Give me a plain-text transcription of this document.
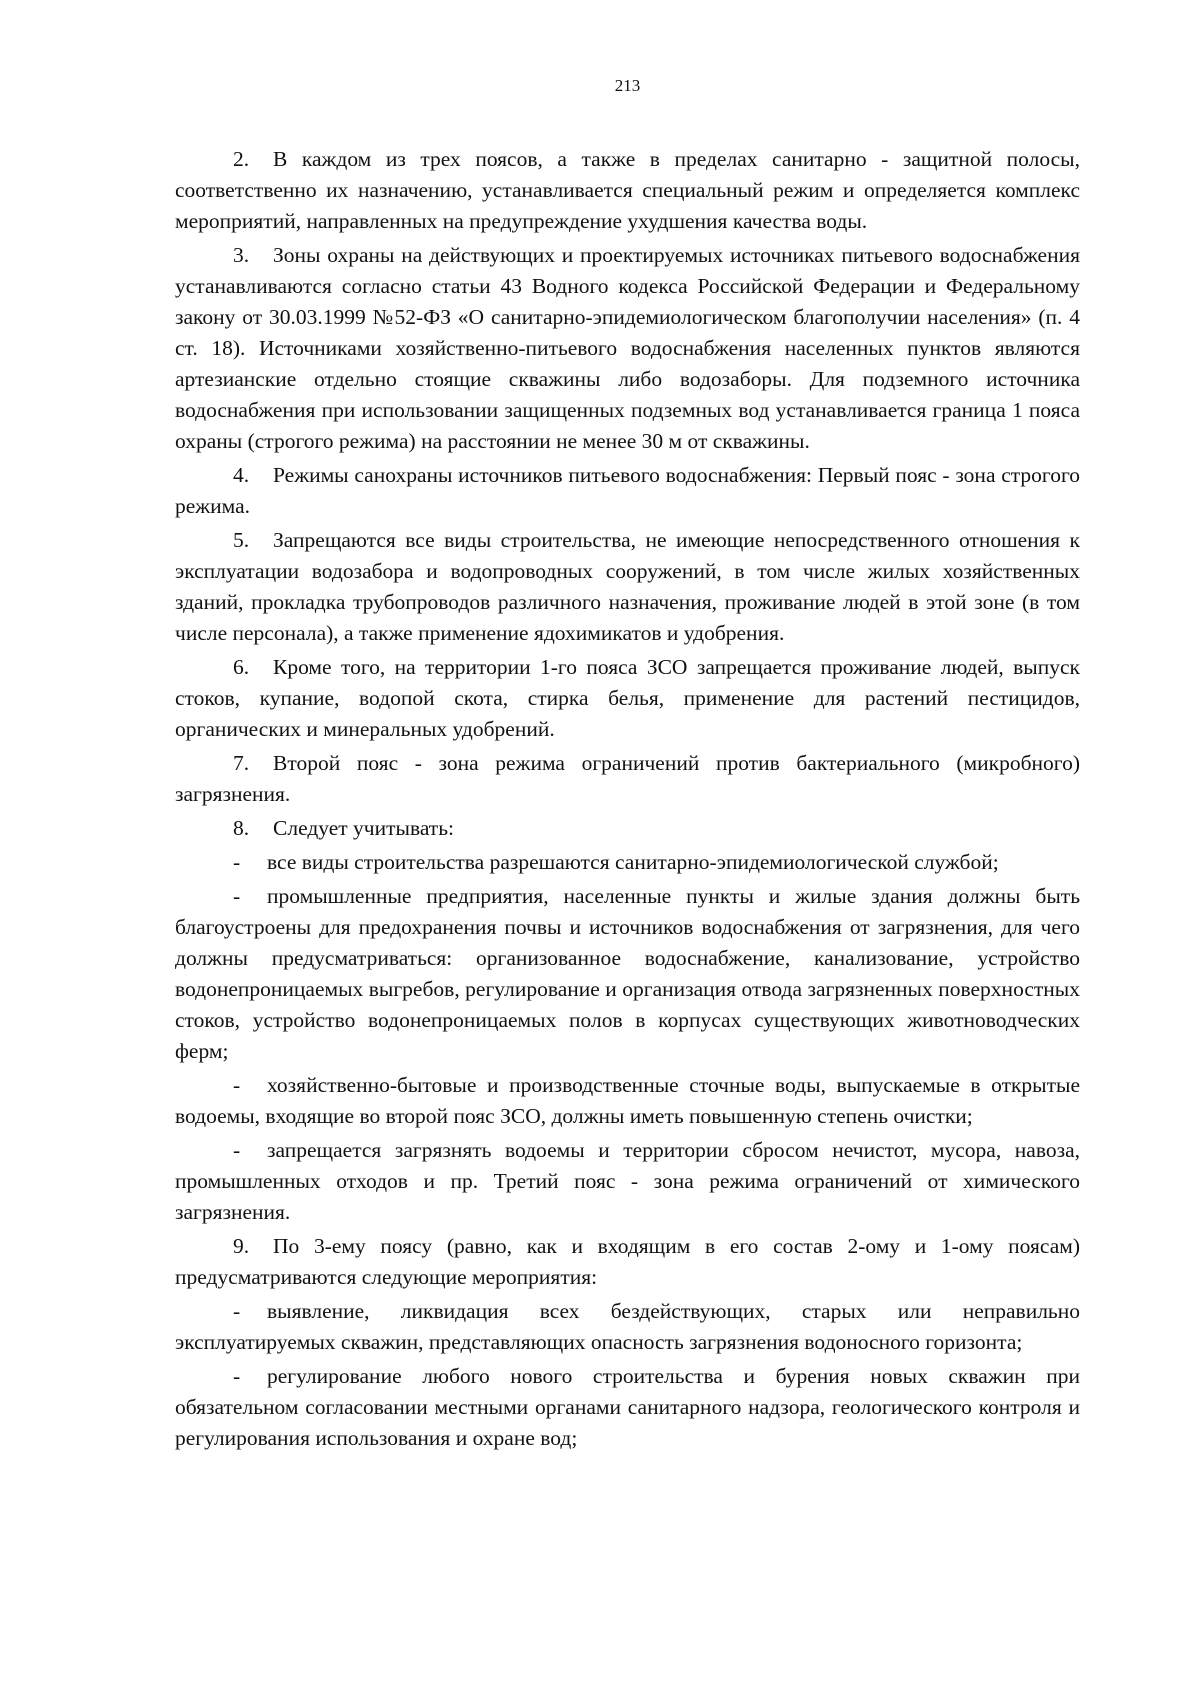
213

2. В каждом из трех поясов, а также в пределах санитарно - защитной полосы, соответственно их назначению, устанавливается специальный режим и определяется комплекс мероприятий, направленных на предупреждение ухудшения качества воды.

3. Зоны охраны на действующих и проектируемых источниках питьевого водоснабжения устанавливаются согласно статьи 43 Водного кодекса Российской Федерации и Федеральному закону от 30.03.1999 №52-ФЗ «О санитарно-эпидемиологическом благополучии населения» (п. 4 ст. 18). Источниками хозяйственно-питьевого водоснабжения населенных пунктов являются артезианские отдельно стоящие скважины либо водозаборы. Для подземного источника водоснабжения при использовании защищенных подземных вод устанавливается граница 1 пояса охраны (строгого режима) на расстоянии не менее 30 м от скважины.

4. Режимы санохраны источников питьевого водоснабжения: Первый пояс - зона строгого режима.

5. Запрещаются все виды строительства, не имеющие непосредственного отношения к эксплуатации водозабора и водопроводных сооружений, в том числе жилых хозяйственных зданий, прокладка трубопроводов различного назначения, проживание людей в этой зоне (в том числе персонала), а также применение ядохимикатов и удобрения.

6. Кроме того, на территории 1-го пояса ЗСО запрещается проживание людей, выпуск стоков, купание, водопой скота, стирка белья, применение для растений пестицидов, органических и минеральных удобрений.

7. Второй пояс - зона режима ограничений против бактериального (микробного) загрязнения.

8. Следует учитывать:

- все виды строительства разрешаются санитарно-эпидемиологической службой;

- промышленные предприятия, населенные пункты и жилые здания должны быть благоустроены для предохранения почвы и источников водоснабжения от загрязнения, для чего должны предусматриваться: организованное водоснабжение, канализование, устройство водонепроницаемых выгребов, регулирование и организация отвода загрязненных поверхностных стоков, устройство водонепроницаемых полов в корпусах существующих животноводческих ферм;

- хозяйственно-бытовые и производственные сточные воды, выпускаемые в открытые водоемы, входящие во второй пояс ЗСО, должны иметь повышенную степень очистки;

- запрещается загрязнять водоемы и территории сбросом нечистот, мусора, навоза, промышленных отходов и пр. Третий пояс - зона режима ограничений от химического загрязнения.

9. По 3-ему поясу (равно, как и входящим в его состав 2-ому и 1-ому поясам) предусматриваются следующие мероприятия:

- выявление, ликвидация всех бездействующих, старых или неправильно эксплуатируемых скважин, представляющих опасность загрязнения водоносного горизонта;

- регулирование любого нового строительства и бурения новых скважин при обязательном согласовании местными органами санитарного надзора, геологического контроля и регулирования использования и охране вод;
